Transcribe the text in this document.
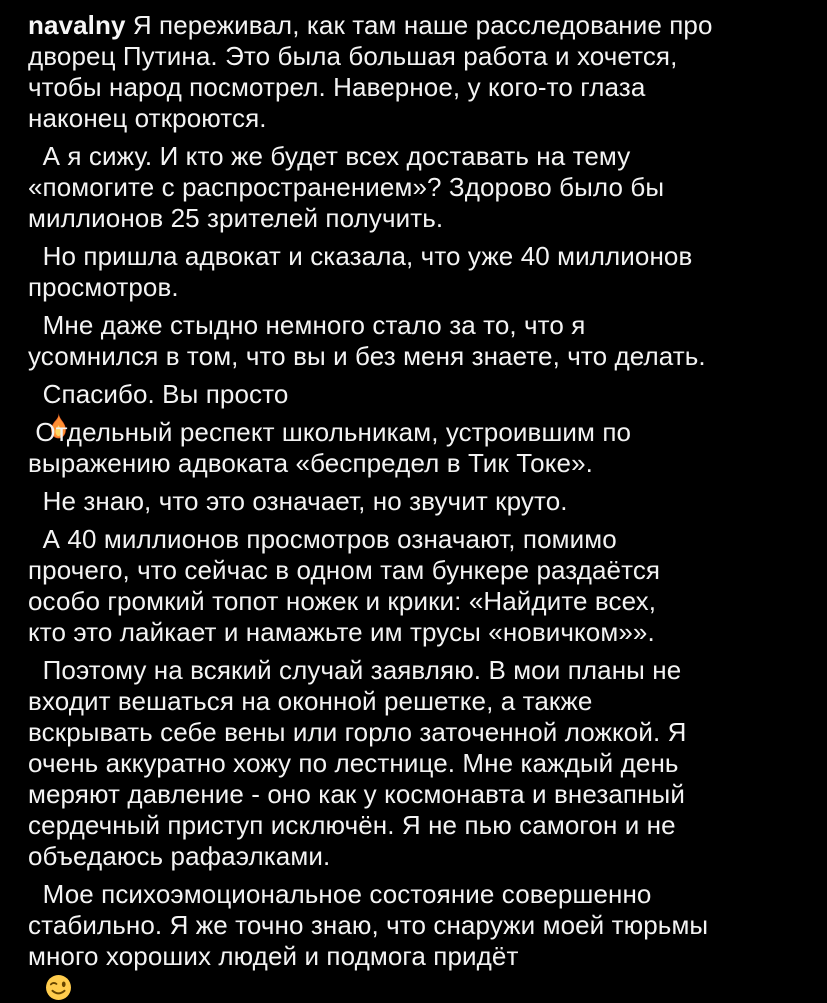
navalny Я переживал, как там наше расследование про
дворец Путина. Это была большая работа и хочется,
чтобы народ посмотрел. Наверное, у кого-то глаза
наконец откроются.

А я сижу. И кто же будет всех доставать на тему
«помогите с распространением»? Здорово было бы
миллионов 25 зрителей получить.

Но пришла адвокат и сказала, что уже 40 миллионов
просмотров.

Мне даже стыдно немного стало за то, что я
усомнился в том, что вы и без меня знаете, что делать.

Спасибо. Вы просто

Отдельный респект школьникам, устроившим по
выражению адвоката «беспредел в Тик Токе».

Не знаю, что это означает, но звучит круто.

А 40 миллионов просмотров означают, помимо
прочего, что сейчас в одном там бункере раздаётся
особо громкий топот ножек и крики: «Найдите всех,
кто это лайкает и намажьте им трусы «новичком»».

Поэтому на всякий случай заявляю. В мои планы не
входит вешаться на оконной решетке, а также
вскрывать себе вены или горло заточенной ложкой. Я
очень аккуратно хожу по лестнице. Мне каждый день
меряют давление - оно как у космонавта и внезапный
сердечный приступ исключён. Я не пью самогон и не
объедаюсь рафаэлками.

Мое психоэмоциональное состояние совершенно
стабильно. Я же точно знаю, что снаружи моей тюрьмы
много хороших людей и подмога придёт
